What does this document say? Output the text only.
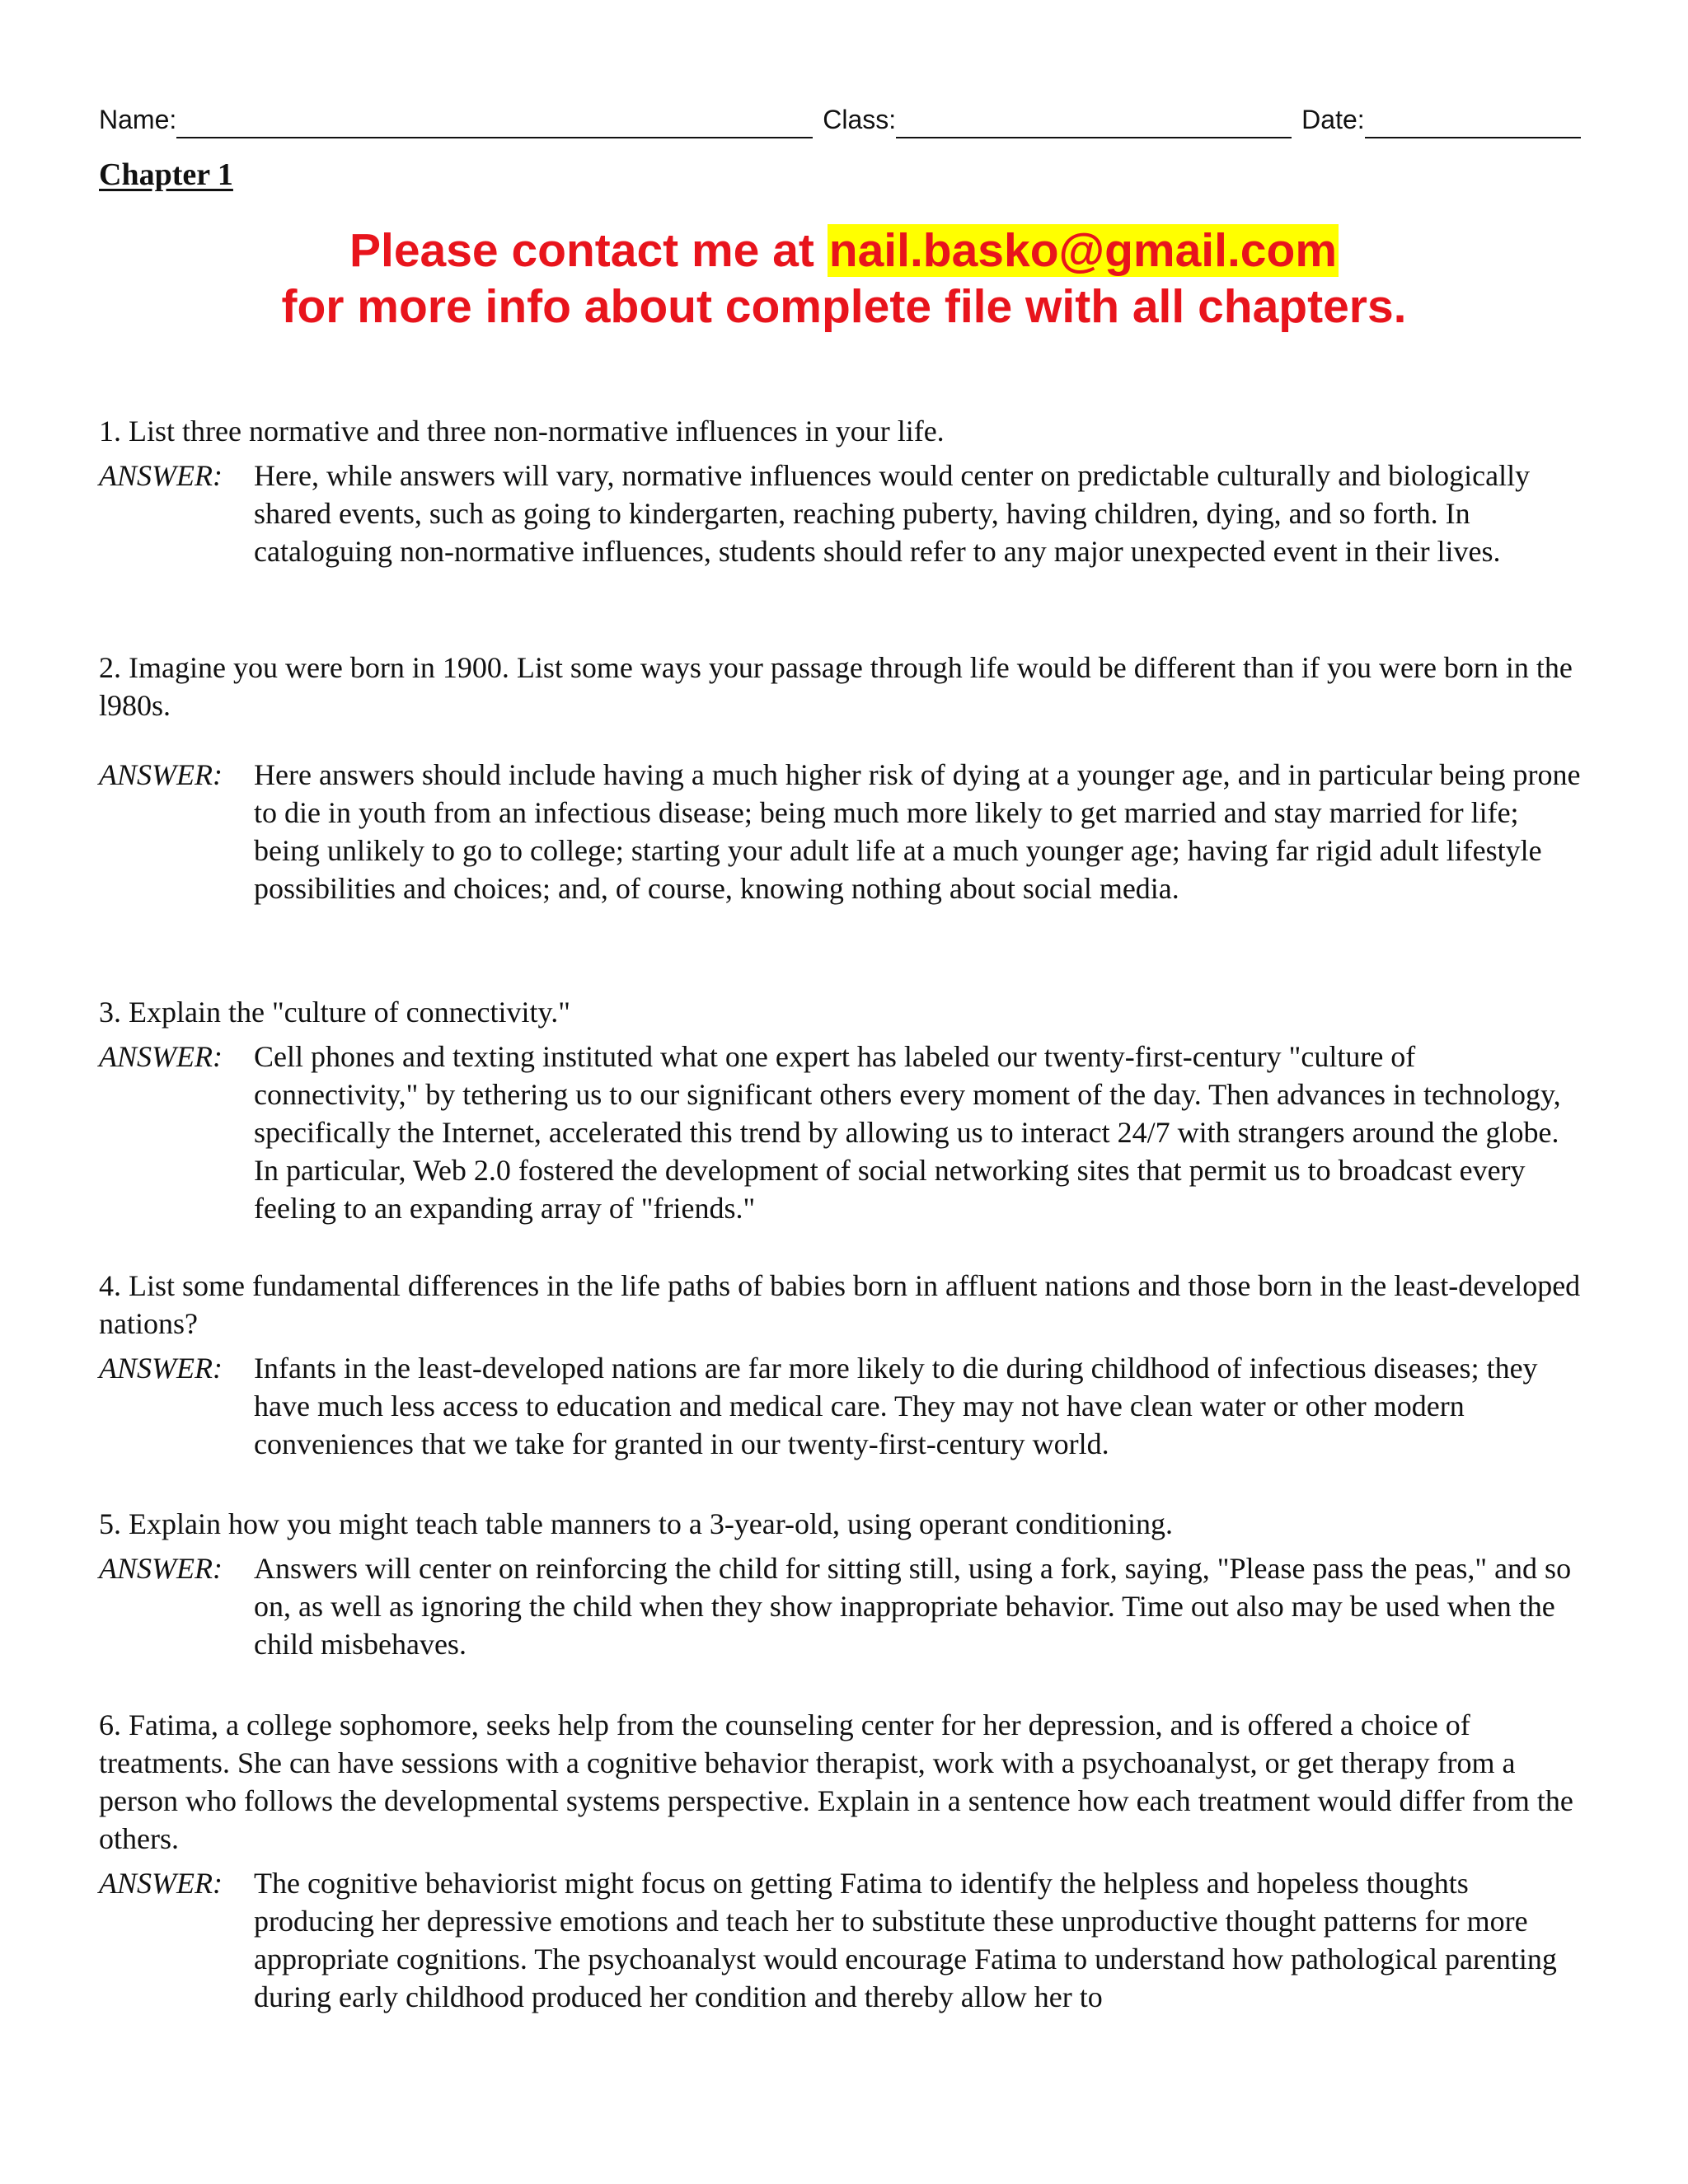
Name:	Class:	Date:
Chapter 1
Please contact me at nail.basko@gmail.com
for more info about complete file with all chapters.

1. List three normative and three non-normative influences in your life.

ANSWER:	Here, while answers will vary, normative influences would center on predictable culturally and biologically shared events, such as going to kindergarten, reaching puberty, having children, dying, and so forth. In cataloguing non-normative influences, students should refer to any major unexpected event in their lives.

2. Imagine you were born in 1900. List some ways your passage through life would be different than if you were born in the l980s.

ANSWER:	Here answers should include having a much higher risk of dying at a younger age, and in particular being prone to die in youth from an infectious disease; being much more likely to get married and stay married for life; being unlikely to go to college; starting your adult life at a much younger age; having far rigid adult lifestyle possibilities and choices; and, of course, knowing nothing about social media.

3. Explain the "culture of connectivity."

ANSWER:	Cell phones and texting instituted what one expert has labeled our twenty-first-century "culture of connectivity," by tethering us to our significant others every moment of the day. Then advances in technology, specifically the Internet, accelerated this trend by allowing us to interact 24/7 with strangers around the globe. In particular, Web 2.0 fostered the development of social networking sites that permit us to broadcast every feeling to an expanding array of "friends."

4. List some fundamental differences in the life paths of babies born in affluent nations and those born in the least-developed nations?

ANSWER:	Infants in the least-developed nations are far more likely to die during childhood of infectious diseases; they have much less access to education and medical care. They may not have clean water or other modern conveniences that we take for granted in our twenty-first-century world.

5. Explain how you might teach table manners to a 3-year-old, using operant conditioning.

ANSWER:	Answers will center on reinforcing the child for sitting still, using a fork, saying, "Please pass the peas," and so on, as well as ignoring the child when they show inappropriate behavior. Time out also may be used when the child misbehaves.

6. Fatima, a college sophomore, seeks help from the counseling center for her depression, and is offered a choice of treatments. She can have sessions with a cognitive behavior therapist, work with a psychoanalyst, or get therapy from a person who follows the developmental systems perspective. Explain in a sentence how each treatment would differ from the others.

ANSWER:	The cognitive behaviorist might focus on getting Fatima to identify the helpless and hopeless thoughts producing her depressive emotions and teach her to substitute these unproductive thought patterns for more appropriate cognitions. The psychoanalyst would encourage Fatima to understand how pathological parenting during early childhood produced her condition and thereby allow her to
